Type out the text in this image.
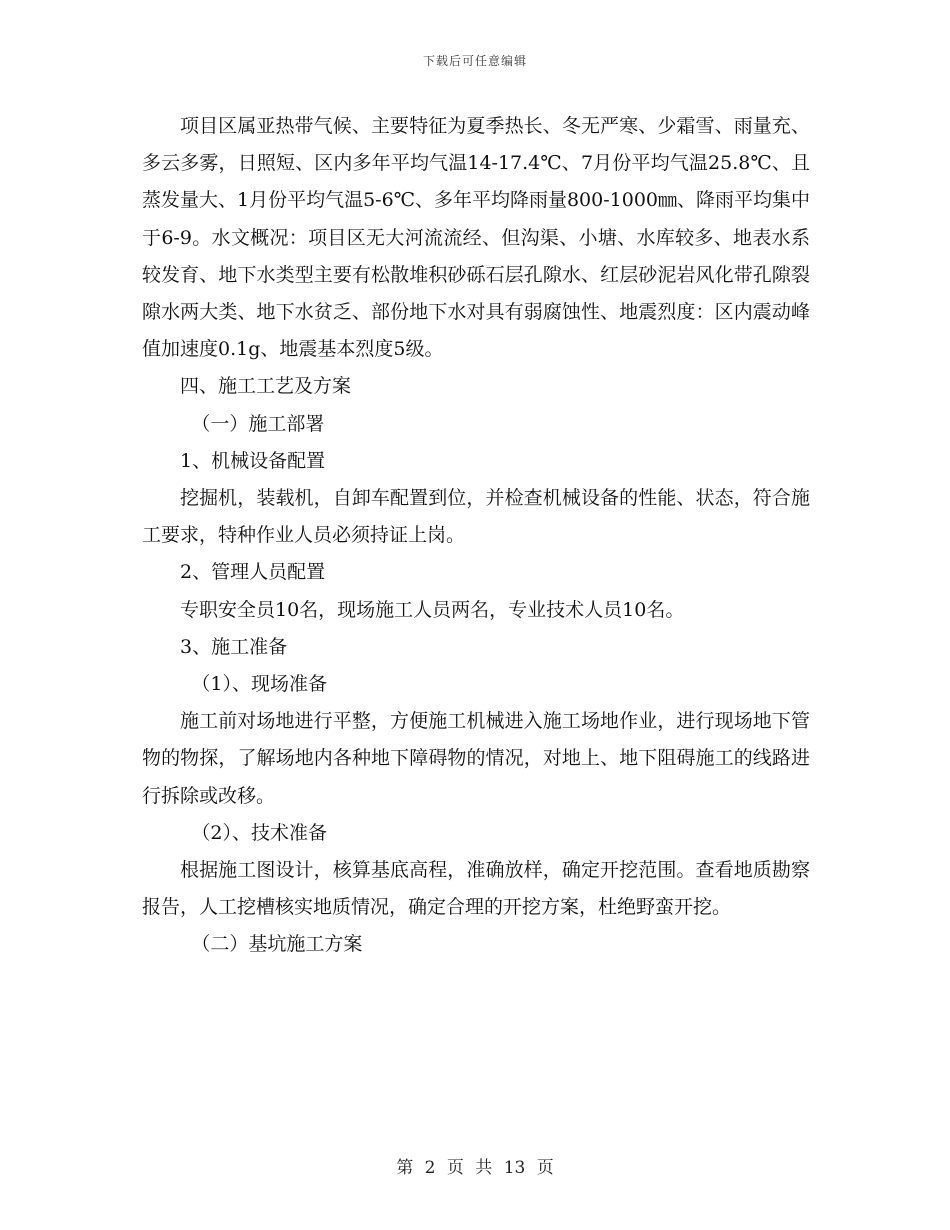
下载后可任意编辑

项目区属亚热带气候、主要特征为夏季热长、冬无严寒、少霜雪、雨量充、多云多雾，日照短、区内多年平均气温14-17.4℃、7月份平均气温25.8℃、且蒸发量大、1月份平均气温5-6℃、多年平均降雨量800-1000㎜、降雨平均集中于6-9。水文概况：项目区无大河流流经、但沟渠、小塘、水库较多、地表水系较发育、地下水类型主要有松散堆积砂砾石层孔隙水、红层砂泥岩风化带孔隙裂隙水两大类、地下水贫乏、部份地下水对具有弱腐蚀性、地震烈度：区内震动峰值加速度0.1g、地震基本烈度5级。

四、施工工艺及方案

（一）施工部署

1、机械设备配置

挖掘机，装载机，自卸车配置到位，并检查机械设备的性能、状态，符合施工要求，特种作业人员必须持证上岗。

2、管理人员配置

专职安全员10名，现场施工人员两名，专业技术人员10名。

3、施工准备

（1）、现场准备

施工前对场地进行平整，方便施工机械进入施工场地作业，进行现场地下管物的物探，了解场地内各种地下障碍物的情况，对地上、地下阻碍施工的线路进行拆除或改移。

（2）、技术准备

根据施工图设计，核算基底高程，准确放样，确定开挖范围。查看地质勘察报告，人工挖槽核实地质情况，确定合理的开挖方案，杜绝野蛮开挖。

（二）基坑施工方案

第 2 页 共 13 页
